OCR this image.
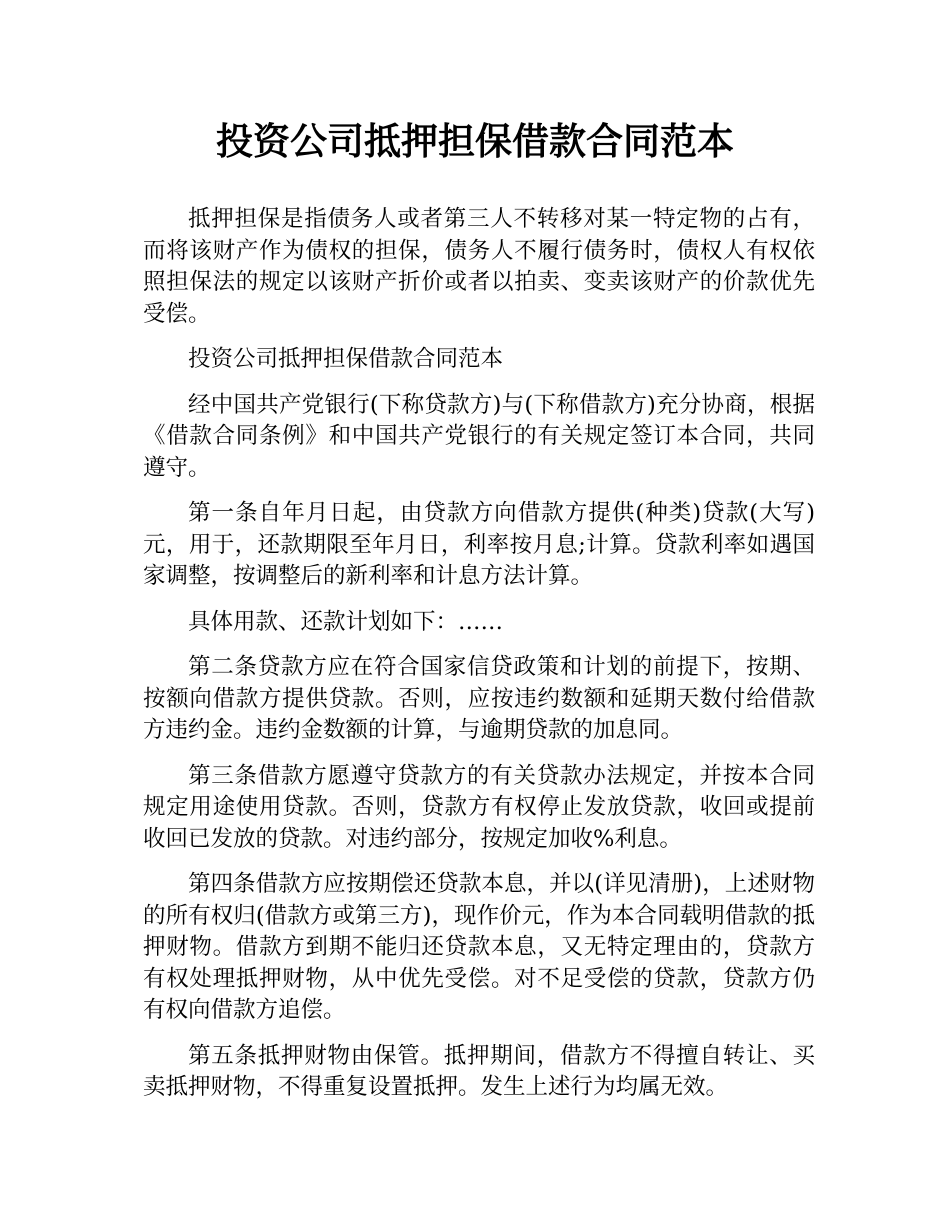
投资公司抵押担保借款合同范本

抵押担保是指债务人或者第三人不转移对某一特定物的占有，而将该财产作为债权的担保，债务人不履行债务时，债权人有权依照担保法的规定以该财产折价或者以拍卖、变卖该财产的价款优先受偿。

投资公司抵押担保借款合同范本

经中国共产党银行(下称贷款方)与(下称借款方)充分协商，根据《借款合同条例》和中国共产党银行的有关规定签订本合同，共同遵守。

第一条自年月日起，由贷款方向借款方提供(种类)贷款(大写)元，用于，还款期限至年月日，利率按月息;计算。贷款利率如遇国家调整，按调整后的新利率和计息方法计算。

具体用款、还款计划如下：……

第二条贷款方应在符合国家信贷政策和计划的前提下，按期、按额向借款方提供贷款。否则，应按违约数额和延期天数付给借款方违约金。违约金数额的计算，与逾期贷款的加息同。

第三条借款方愿遵守贷款方的有关贷款办法规定，并按本合同规定用途使用贷款。否则，贷款方有权停止发放贷款，收回或提前收回已发放的贷款。对违约部分，按规定加收%利息。

第四条借款方应按期偿还贷款本息，并以(详见清册)，上述财物的所有权归(借款方或第三方)，现作价元，作为本合同载明借款的抵押财物。借款方到期不能归还贷款本息，又无特定理由的，贷款方有权处理抵押财物，从中优先受偿。对不足受偿的贷款，贷款方仍有权向借款方追偿。

第五条抵押财物由保管。抵押期间，借款方不得擅自转让、买卖抵押财物，不得重复设置抵押。发生上述行为均属无效。
